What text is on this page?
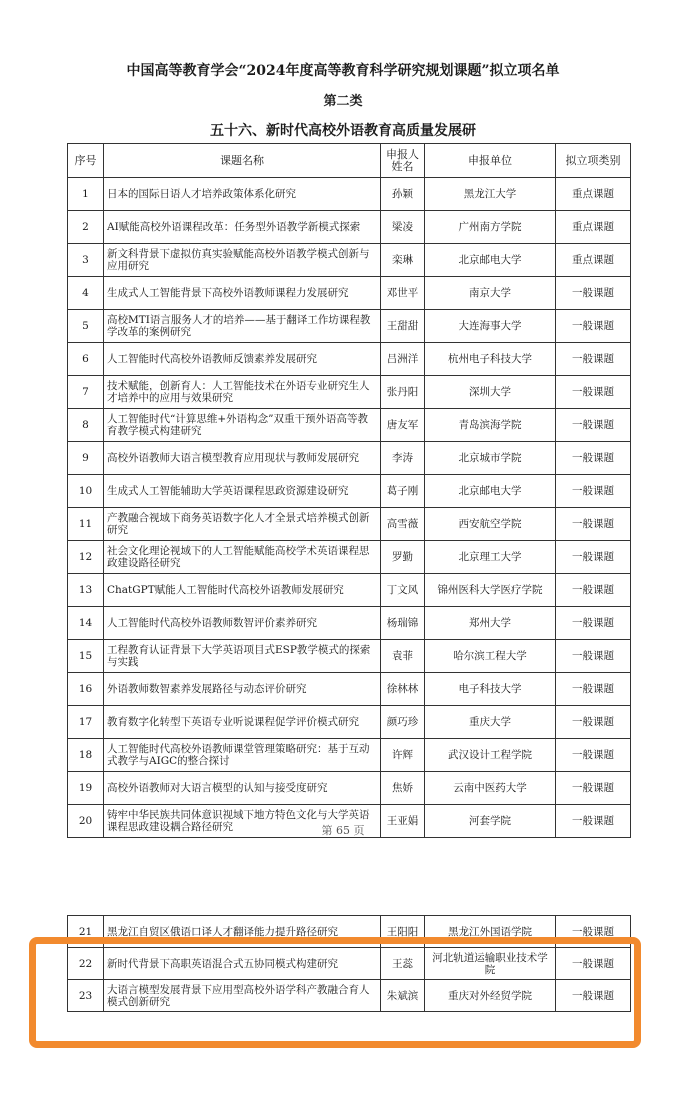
中国高等教育学会“2024年度高等教育科学研究规划课题”拟立项名单
第二类
五十六、新时代高校外语教育高质量发展研
序号	课题名称	申报人姓名	申报单位	拟立项类别
1	日本的国际日语人才培养政策体系化研究	孙颖	黑龙江大学	重点课题
2	AI赋能高校外语课程改革：任务型外语教学新模式探索	梁凌	广州南方学院	重点课题
3	新文科背景下虚拟仿真实验赋能高校外语教学模式创新与应用研究	栾琳	北京邮电大学	重点课题
4	生成式人工智能背景下高校外语教师课程力发展研究	邓世平	南京大学	一般课题
5	高校MTI语言服务人才的培养——基于翻译工作坊课程教学改革的案例研究	王甜甜	大连海事大学	一般课题
6	人工智能时代高校外语教师反馈素养发展研究	吕洲洋	杭州电子科技大学	一般课题
7	技术赋能，创新育人：人工智能技术在外语专业研究生人才培养中的应用与效果研究	张丹阳	深圳大学	一般课题
8	人工智能时代“计算思维+外语构念”双重干预外语高等教育教学模式构建研究	唐友军	青岛滨海学院	一般课题
9	高校外语教师大语言模型教育应用现状与教师发展研究	李涛	北京城市学院	一般课题
10	生成式人工智能辅助大学英语课程思政资源建设研究	葛子刚	北京邮电大学	一般课题
11	产教融合视域下商务英语数字化人才全景式培养模式创新研究	高雪薇	西安航空学院	一般课题
12	社会文化理论视域下的人工智能赋能高校学术英语课程思政建设路径研究	罗勤	北京理工大学	一般课题
13	ChatGPT赋能人工智能时代高校外语教师发展研究	丁文风	锦州医科大学医疗学院	一般课题
14	人工智能时代高校外语教师数智评价素养研究	杨瑞锦	郑州大学	一般课题
15	工程教育认证背景下大学英语项目式ESP教学模式的探索与实践	袁菲	哈尔滨工程大学	一般课题
16	外语教师数智素养发展路径与动态评价研究	徐林林	电子科技大学	一般课题
17	教育数字化转型下英语专业听说课程促学评价模式研究	颜巧珍	重庆大学	一般课题
18	人工智能时代高校外语教师课堂管理策略研究：基于互动式教学与AIGC的整合探讨	许辉	武汉设计工程学院	一般课题
19	高校外语教师对大语言模型的认知与接受度研究	焦娇	云南中医药大学	一般课题
20	铸牢中华民族共同体意识视域下地方特色文化与大学英语课程思政建设耦合路径研究	王亚娟	河套学院	一般课题
第 65 页
21	黑龙江自贸区俄语口译人才翻译能力提升路径研究	王阳阳	黑龙江外国语学院	一般课题
22	新时代背景下高职英语混合式五协同模式构建研究	王蕊	河北轨道运输职业技术学院	一般课题
23	大语言模型发展背景下应用型高校外语学科产教融合育人模式创新研究	朱斌滨	重庆对外经贸学院	一般课题
